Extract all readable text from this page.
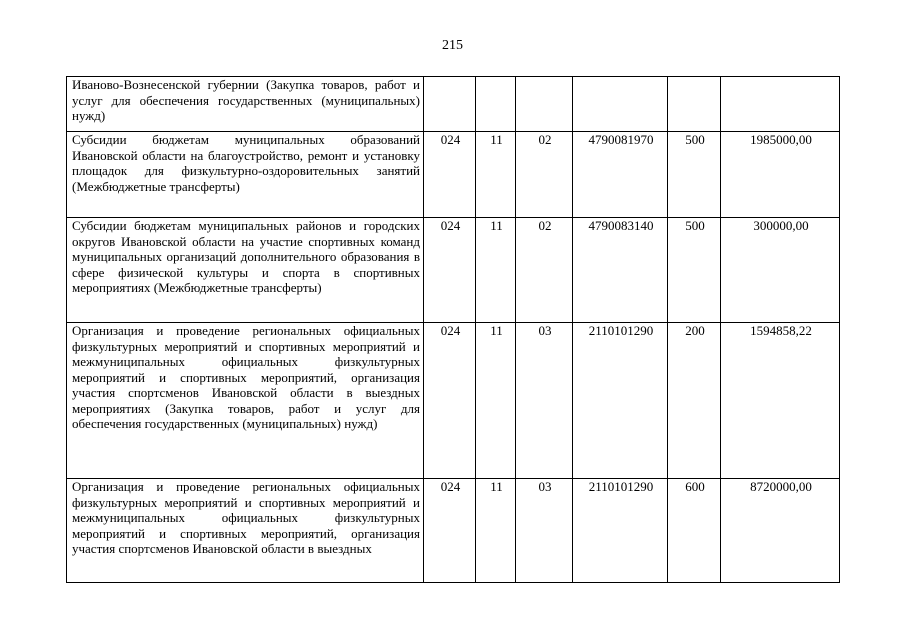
215
Иваново-Вознесенской губернии (Закупка товаров, работ и услуг для обеспечения государственных (муниципальных) нужд)						
Субсидии бюджетам муниципальных образований Ивановской области на благоустройство, ремонт и установку площадок для физкультурно-оздоровительных занятий (Межбюджетные трансферты)	024	11	02	4790081970	500	1985000,00
Субсидии бюджетам муниципальных районов и городских округов Ивановской области на участие спортивных команд муниципальных организаций дополнительного образования в сфере физической культуры и спорта в спортивных мероприятиях (Межбюджетные трансферты)	024	11	02	4790083140	500	300000,00
Организация и проведение региональных официальных физкультурных мероприятий и спортивных мероприятий и межмуниципальных официальных физкультурных мероприятий и спортивных мероприятий, организация участия спортсменов Ивановской области в выездных мероприятиях (Закупка товаров, работ и услуг для обеспечения государственных (муниципальных) нужд)	024	11	03	2110101290	200	1594858,22

Организация и проведение региональных официальных физкультурных мероприятий и спортивных мероприятий и межмуниципальных официальных физкультурных мероприятий и спортивных мероприятий, организация участия спортсменов Ивановской области в выездных	024	11	03	2110101290	600	8720000,00
